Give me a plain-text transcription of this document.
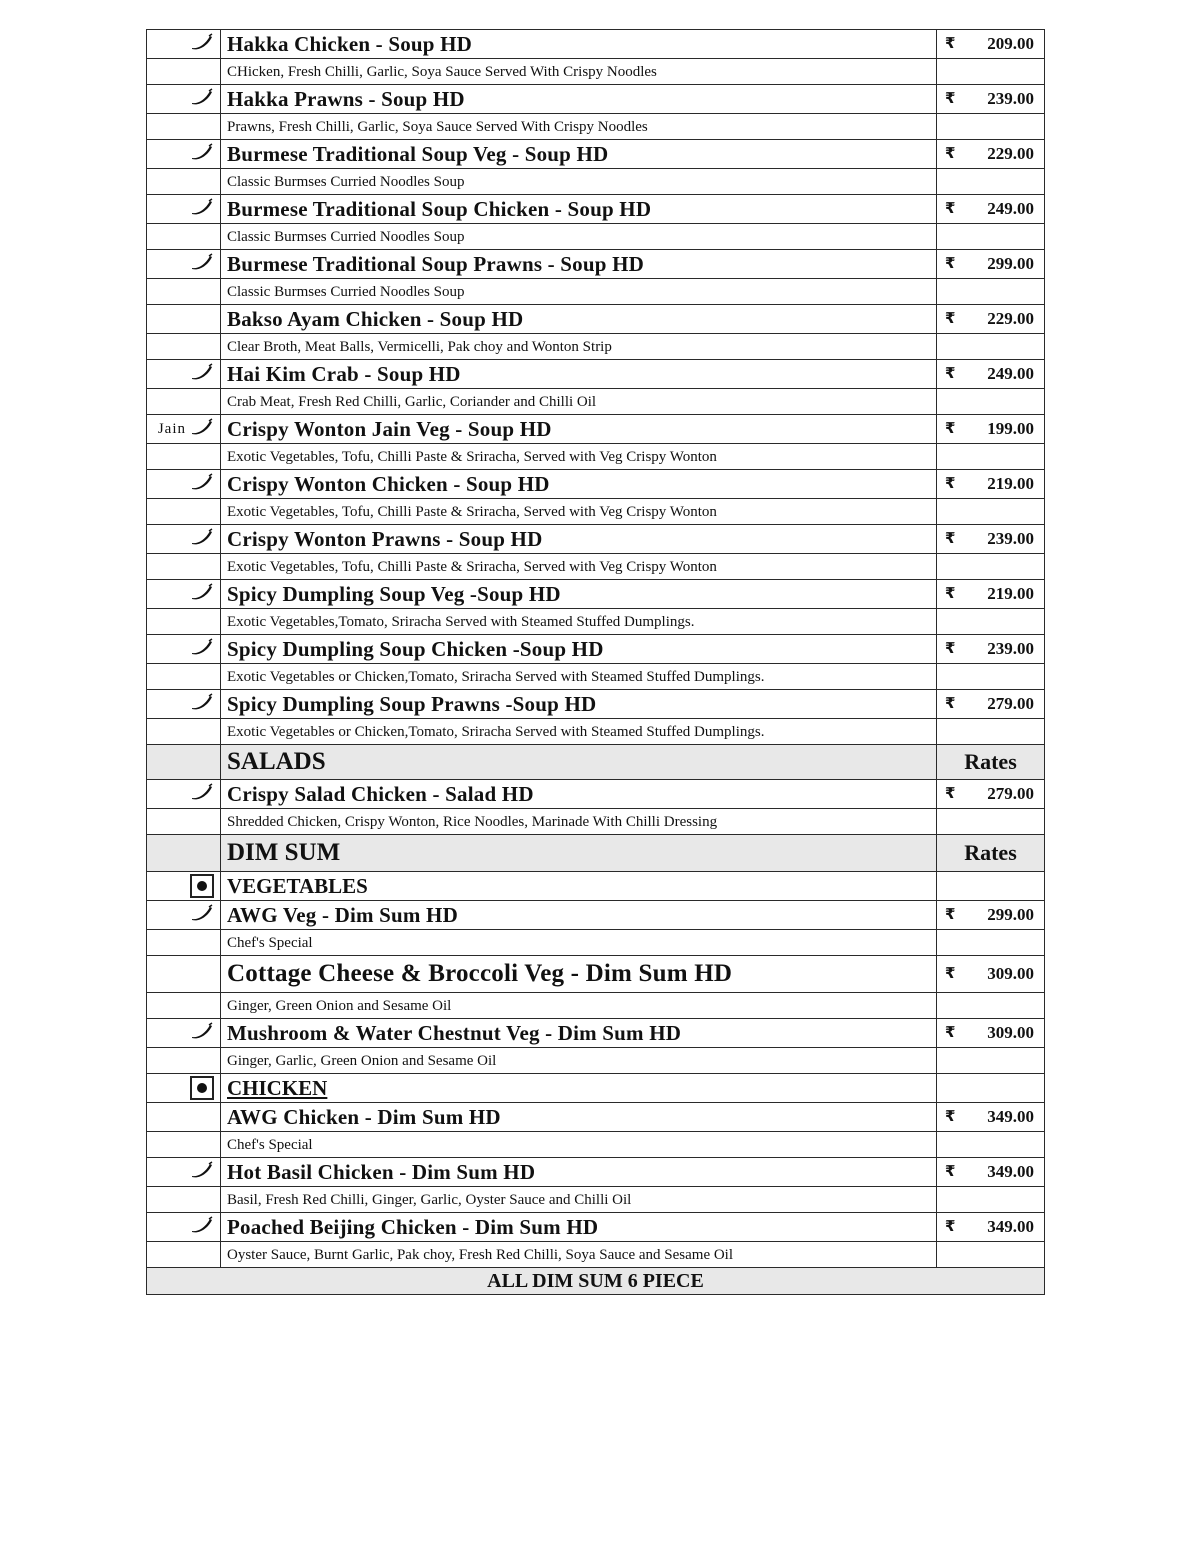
	Hakka Chicken - Soup HD	₹ 209.00

	CHicken, Fresh Chilli, Garlic, Soya Sauce Served With Crispy Noodles	
	Hakka Prawns - Soup HD	₹ 239.00

	Prawns, Fresh Chilli, Garlic, Soya Sauce Served With Crispy Noodles	
	Burmese Traditional Soup Veg - Soup HD	₹ 229.00

	Classic Burmses Curried Noodles Soup	
	Burmese Traditional Soup Chicken - Soup HD	₹ 249.00

	Classic Burmses Curried Noodles Soup	
	Burmese Traditional Soup Prawns - Soup HD	₹ 299.00

	Classic Burmses Curried Noodles Soup	
	Bakso Ayam Chicken - Soup HD	₹ 229.00

	Clear Broth, Meat Balls, Vermicelli, Pak choy and Wonton Strip	
	Hai Kim Crab - Soup HD	₹ 249.00

	Crab Meat, Fresh Red Chilli, Garlic, Coriander and Chilli Oil	
Jain	Crispy Wonton Jain Veg - Soup HD	₹ 199.00

	Exotic Vegetables, Tofu, Chilli Paste & Sriracha, Served with Veg Crispy Wonton	
	Crispy Wonton Chicken - Soup HD	₹ 219.00

	Exotic Vegetables, Tofu, Chilli Paste & Sriracha, Served with Veg Crispy Wonton	
	Crispy Wonton Prawns - Soup HD	₹ 239.00

	Exotic Vegetables, Tofu, Chilli Paste & Sriracha, Served with Veg Crispy Wonton	
	Spicy Dumpling Soup Veg -Soup HD	₹ 219.00

	Exotic Vegetables,Tomato, Sriracha Served with Steamed Stuffed Dumplings.	
	Spicy Dumpling Soup Chicken -Soup HD	₹ 239.00

	Exotic Vegetables or Chicken,Tomato, Sriracha Served with Steamed Stuffed Dumplings.	
	Spicy Dumpling Soup Prawns -Soup HD	₹ 279.00

	Exotic Vegetables or Chicken,Tomato, Sriracha Served with Steamed Stuffed Dumplings.	
	SALADS	Rates

	Crispy Salad Chicken - Salad HD	₹ 279.00

	Shredded Chicken, Crispy Wonton, Rice Noodles, Marinade With Chilli Dressing	
	DIM SUM	Rates

	VEGETABLES	
	AWG Veg - Dim Sum HD	₹ 299.00

	Chef's Special	
	Cottage Cheese & Broccoli Veg - Dim Sum HD	₹ 309.00

	Ginger, Green Onion and Sesame Oil	
	Mushroom & Water Chestnut Veg - Dim Sum HD	₹ 309.00

	Ginger, Garlic, Green Onion and Sesame Oil	
	CHICKEN	
	AWG Chicken - Dim Sum HD	₹ 349.00

	Chef's Special	
	Hot Basil Chicken - Dim Sum HD	₹ 349.00

	Basil, Fresh Red Chilli, Ginger, Garlic, Oyster Sauce and Chilli Oil	
	Poached Beijing Chicken - Dim Sum HD	₹ 349.00

	Oyster Sauce, Burnt Garlic, Pak choy, Fresh Red Chilli, Soya Sauce and Sesame Oil	
ALL DIM SUM 6 PIECE		
